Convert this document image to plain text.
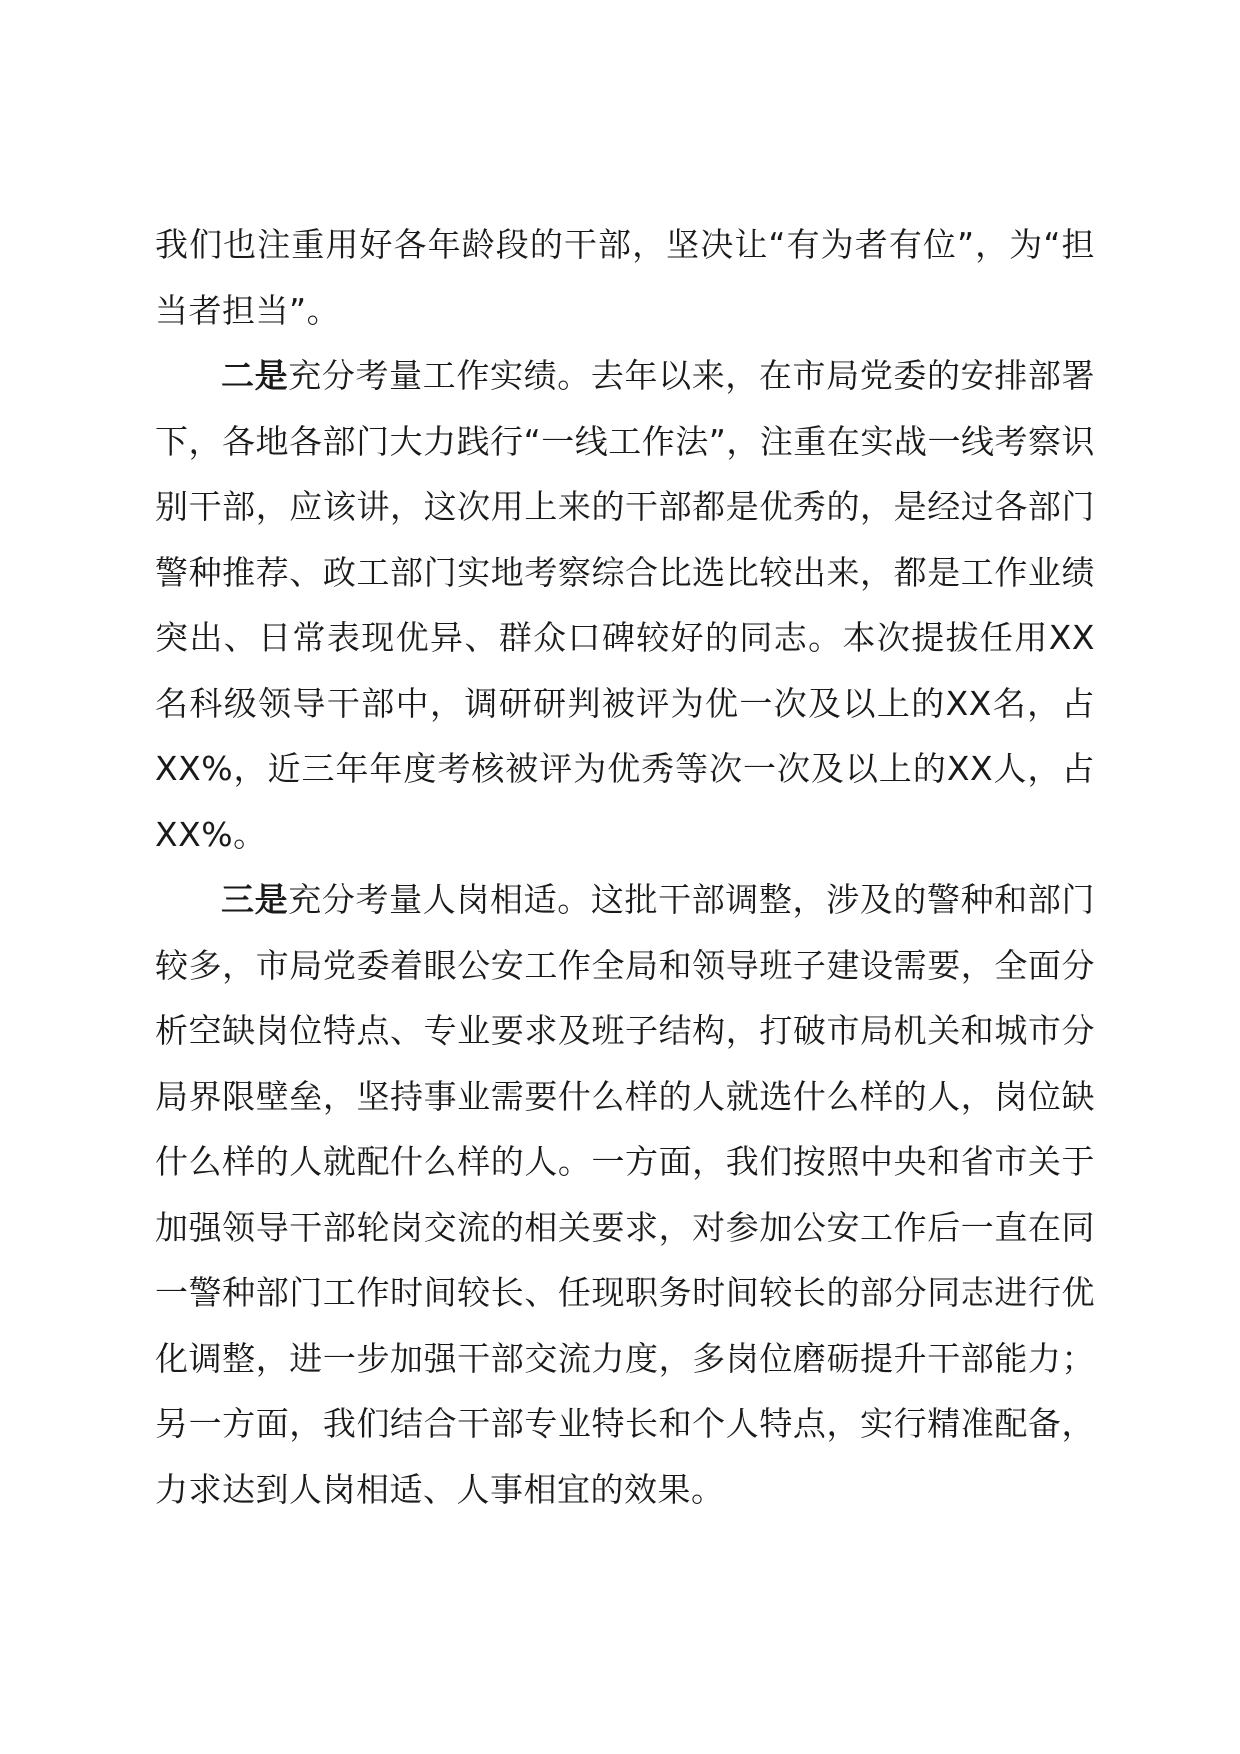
我们也注重用好各年龄段的干部，坚决让“有为者有位”，为“担当者担当”。

二是充分考量工作实绩。去年以来，在市局党委的安排部署下，各地各部门大力践行“一线工作法”，注重在实战一线考察识别干部，应该讲，这次用上来的干部都是优秀的，是经过各部门警种推荐、政工部门实地考察综合比选比较出来，都是工作业绩突出、日常表现优异、群众口碑较好的同志。本次提拔任用XX名科级领导干部中，调研研判被评为优一次及以上的XX名，占XX%，近三年年度考核被评为优秀等次一次及以上的XX人，占XX%。

三是充分考量人岗相适。这批干部调整，涉及的警种和部门较多，市局党委着眼公安工作全局和领导班子建设需要，全面分析空缺岗位特点、专业要求及班子结构，打破市局机关和城市分局界限壁垒，坚持事业需要什么样的人就选什么样的人，岗位缺什么样的人就配什么样的人。一方面，我们按照中央和省市关于加强领导干部轮岗交流的相关要求，对参加公安工作后一直在同一警种部门工作时间较长、任现职务时间较长的部分同志进行优化调整，进一步加强干部交流力度，多岗位磨砺提升干部能力；另一方面，我们结合干部专业特长和个人特点，实行精准配备，力求达到人岗相适、人事相宜的效果。
